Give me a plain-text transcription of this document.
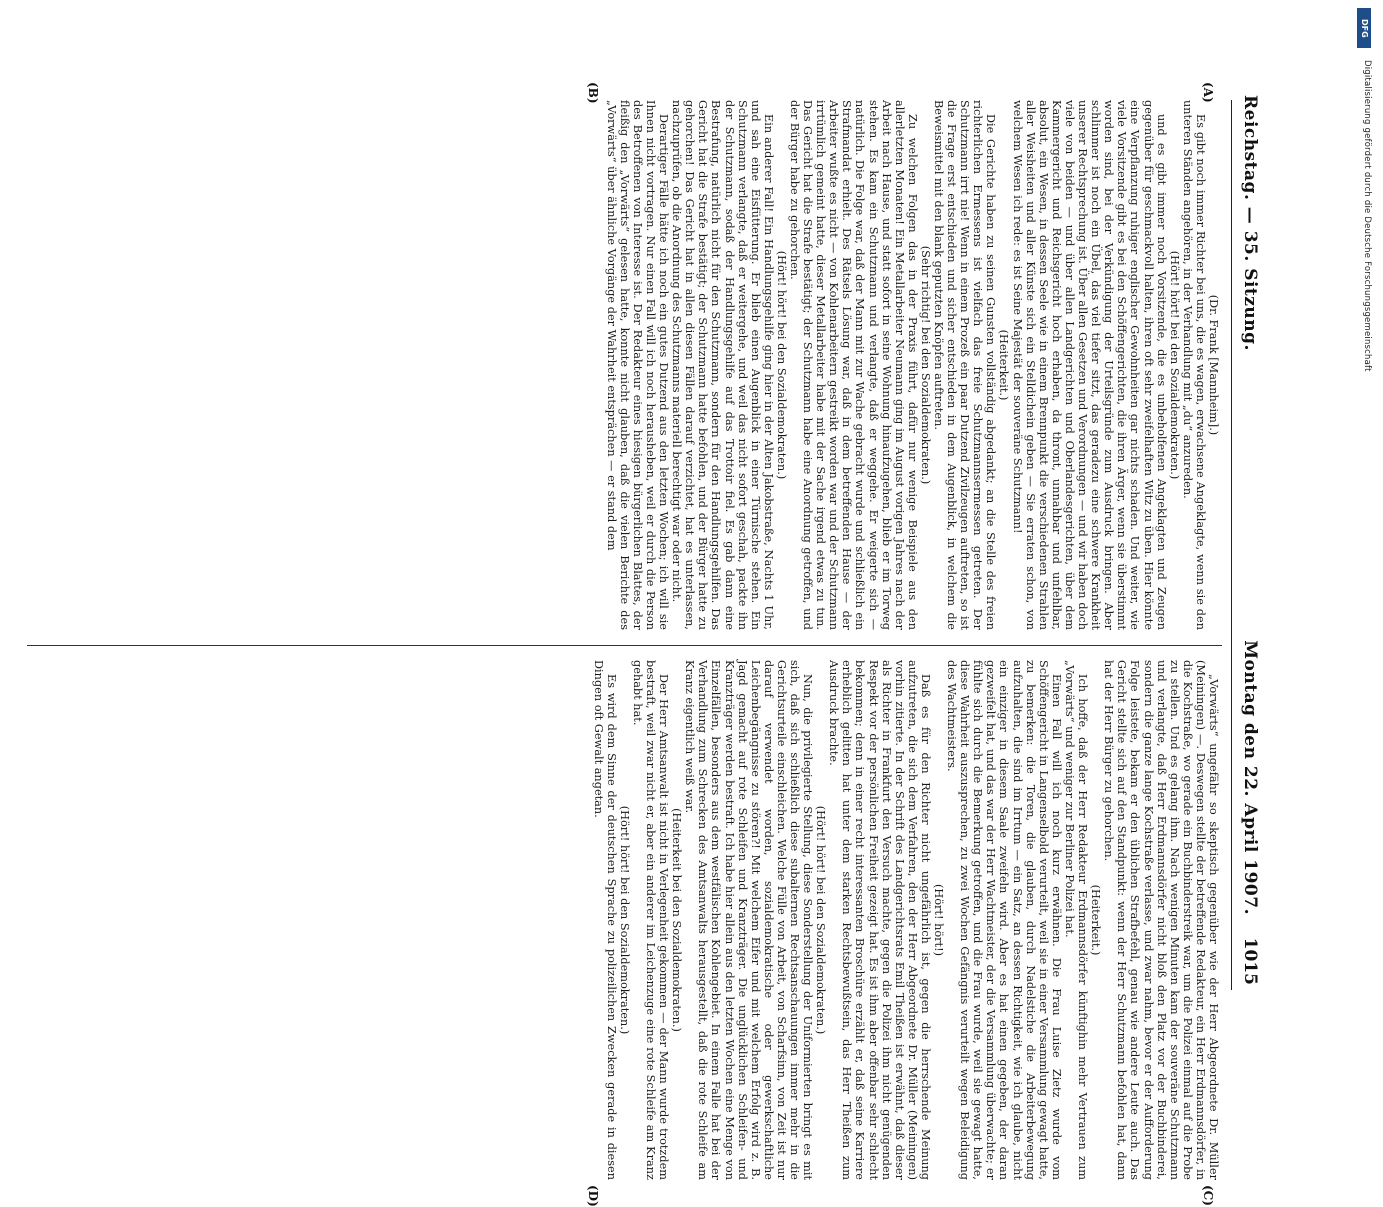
Reichstag. — 35. Sitzung.
Montag den 22. April 1907.
1015
(A)
(B)
(C)
(D)

(Dr. Frank [Mannheim].)

Es gibt noch immer Richter bei uns, die es wagen, erwachsene Angeklagte, wenn sie den unteren Ständen angehören, in der Verhandlung mit „du“ anzureden.

(Hört! hört! bei den Sozialdemokraten.)

und es gibt immer noch Vorsitzende, die es unbeholfenen Angeklagten und Zeugen gegenüber für geschmackvoll halten, ihren oft sehr zweifelhaften Witz zu üben. Hier könnte eine Verpflanzung ruhiger englischer Gewohnheiten gar nichts schaden. Und weiter, wie viele Vorsitzende gibt es bei den Schöffengerichten, die ihren Ärger, wenn sie überstimmt worden sind, bei der Verkündigung der Urteilsgründe zum Ausdruck bringen. Aber schlimmer ist noch ein Übel, das viel tiefer sitzt, das geradezu eine schwere Krankheit unserer Rechtsprechung ist. Über allen Gesetzen und Verordnungen — und wir haben doch viele von beiden — und über allen Landgerichten und Oberlandesgerichten, über dem Kammergericht und Reichsgericht hoch erhaben, da thront, unnahbar und unfehlbar, absolut, ein Wesen, in dessen Seele wie in einem Brennpunkt die verschiedenen Strahlen aller Weisheiten und aller Künste sich ein Stelldichein geben — Sie erraten schon, von welchem Wesen ich rede: es ist Seine Majestät der souveräne Schutzmann!

(Heiterkeit.)

Die Gerichte haben zu seinen Gunsten vollständig abgedankt; an die Stelle des freien richterlichen Ermessens ist vielfach das freie Schutzmannsermessen getreten. Der Schutzmann irrt nie! Wenn in einem Prozeß ein paar Dutzend Zivilzeugen auftreten, so ist die Frage erst entschieden und sicher entschieden in dem Augenblick, in welchem die Beweismittel mit den blank geputzten Knöpfen auftreten.

(Sehr richtig! bei den Sozialdemokraten.)

Zu welchen Folgen das in der Praxis führt, dafür nur wenige Beispiele aus den allerletzten Monaten! Ein Metallarbeiter Neumann ging im August vorigen Jahres nach der Arbeit nach Hause, und statt sofort in seine Wohnung hinaufzugehen, blieb er im Torweg stehen. Es kam ein Schutzmann und verlangte, daß er weggehe. Er weigerte sich — natürlich. Die Folge war, daß der Mann mit zur Wache gebracht wurde und schließlich ein Strafmandat erhielt. Des Rätsels Lösung war, daß in dem betreffenden Hause — der Arbeiter wußte es nicht — von Kohlenarbeitern gestreikt worden war und der Schutzmann irrtümlich gemeint hatte, dieser Metallarbeiter habe mit der Sache irgend etwas zu tun. Das Gericht hat die Strafe bestätigt; der Schutzmann habe eine Anordnung getroffen, und der Bürger habe zu gehorchen.

(Hört! hört! bei den Sozialdemokraten.)

Ein anderer Fall! Ein Handlungsgehilfe ging hier in der Alten Jakobstraße, Nachts 1 Uhr, und sah eine Eisfütterung. Er blieb einen Augenblick in einer Türnische stehen. Ein Schutzmann verlangte, daß er weitergehe, und weil das nicht sofort geschah, packte ihn der Schutzmann, sodaß der Handlungsgehilfe auf das Trottoir fiel. Es gab dann eine Bestrafung, natürlich nicht für den Schutzmann, sondern für den Handlungsgehilfen. Das Gericht hat die Strafe bestätigt; der Schutzmann hatte befohlen, und der Bürger hatte zu gehorchen! Das Gericht hat in allen diesen Fällen darauf verzichtet, hat es unterlassen, nachzuprüfen, ob die Anordnung des Schutzmanns materiell berechtigt war oder nicht.

Derartiger Fälle hätte ich noch ein gutes Dutzend aus den letzten Wochen; ich will sie Ihnen nicht vortragen. Nur einen Fall will ich noch herausheben, weil er durch die Person des Betroffenen von Interesse ist. Der Redakteur eines hiesigen bürgerlichen Blattes, der fleißig den „Vorwärts“ gelesen hatte, konnte nicht glauben, daß die vielen Berichte des „Vorwärts“ über ähnliche Vorgänge der Wahrheit entsprächen — er stand dem

„Vorwärts“ ungefähr so skeptisch gegenüber wie der Herr Abgeordnete Dr. Müller (Meiningen) —. Deswegen stellte der betreffende Redakteur, ein Herr Erdmannsdörfer, in die Kochstraße, wo gerade ein Buchbinderstreik war, um die Polizei einmal auf die Probe zu stellen. Und es gelang ihm. Nach wenigen Minuten kam der souveräne Schutzmann und verlangte, daß Herr Erdmannsdörfer nicht bloß den Platz vor der Buchbinderei, sondern die ganze lange Kochstraße verlasse, und zwar nahm, bevor er der Aufforderung Folge leistete, bekam er den üblichen Strafbefehl, genau wie andere Leute auch. Das Gericht stellte sich auf den Standpunkt: wenn der Herr Schutzmann befohlen hat, dann hat der Herr Bürger zu gehorchen.

(Heiterkeit.)

Ich hoffe, daß der Herr Redakteur Erdmannsdörfer künftighin mehr Vertrauen zum „Vorwärts“ und weniger zur Berliner Polizei hat.

Einen Fall will ich noch kurz erwähnen. Die Frau Luise Zietz wurde vom Schöffengericht in Langenselbold verurteilt, weil sie in einer Versammlung gewagt hatte, zu bemerken: die Toren, die glauben, durch Nadelstiche die Arbeiterbewegung aufzuhalten, die sind im Irrtum — ein Satz, an dessen Richtigkeit, wie ich glaube, nicht ein einziger in diesem Saale zweifeln wird. Aber es hat einen gegeben, der daran gezweifelt hat, und das war der Herr Wachtmeister, der die Versammlung überwachte; er fühlte sich durch die Bemerkung getroffen, und die Frau wurde, weil sie gewagt hatte, diese Wahrheit auszusprechen, zu zwei Wochen Gefängnis verurteilt wegen Beleidigung des Wachtmeisters.

(Hört! hört!)

Daß es für den Richter nicht ungefährlich ist, gegen die herrschende Meinung aufzutreten, die sich dem Verfahren, den der Herr Abgeordnete Dr. Müller (Meiningen) vorhin zitierte. In der Schrift des Landgerichtsrats Emil Theißen ist erwähnt, daß dieser als Richter in Frankfurt den Versuch machte, gegen die Polizei ihm nicht genügenden Respekt vor der persönlichen Freiheit gezeigt hat. Es ist ihm aber offenbar sehr schlecht bekommen; denn in einer recht interessanten Broschüre erzählt er, daß seine Karriere erheblich gelitten hat unter dem starken Rechtsbewußtsein, das Herr Theißen zum Ausdruck brachte.

(Hört! hört! bei den Sozialdemokraten.)

Nun, die privilegierte Stellung, diese Sonderstellung der Uniformierten bringt es mit sich, daß sich schließlich diese subalternen Rechtsanschauungen immer mehr in die Gerichtsurteile einschleichen. Welche Fülle von Arbeit, von Scharfsinn, von Zeit ist nur darauf verwendet worden, sozialdemokratische oder gewerkschaftliche Leichenbegängnisse zu stören?! Mit welchem Eifer und mit welchem Erfolg wird z. B. Jagd gemacht auf rote Schleifen und Kranzträger. Die unglücklichen Schleifen- und Kranzträger werden bestraft. Ich habe hier allein aus den letzten Wochen eine Menge von Einzelfällen, besonders aus dem westfälischen Kohlengebiet. In einem Falle hat bei der Verhandlung zum Schrecken des Amtsanwalts herausgestellt, daß die rote Schleife am Kranz eigentlich weiß war.

(Heiterkeit bei den Sozialdemokraten.)

Der Herr Amtsanwalt ist nicht in Verlegenheit gekommen — der Mann wurde trotzdem bestraft, weil zwar nicht er, aber ein anderer im Leichenzuge eine rote Schleife am Kranz gehabt hat.

(Hört! hört! bei den Sozialdemokraten.)

Es wird dem Sinne der deutschen Sprache zu polizeilichen Zwecken gerade in diesen Dingen oft Gewalt angetan.

DFG
Digitalisierung gefördert durch die Deutsche Forschungsgemeinschaft
